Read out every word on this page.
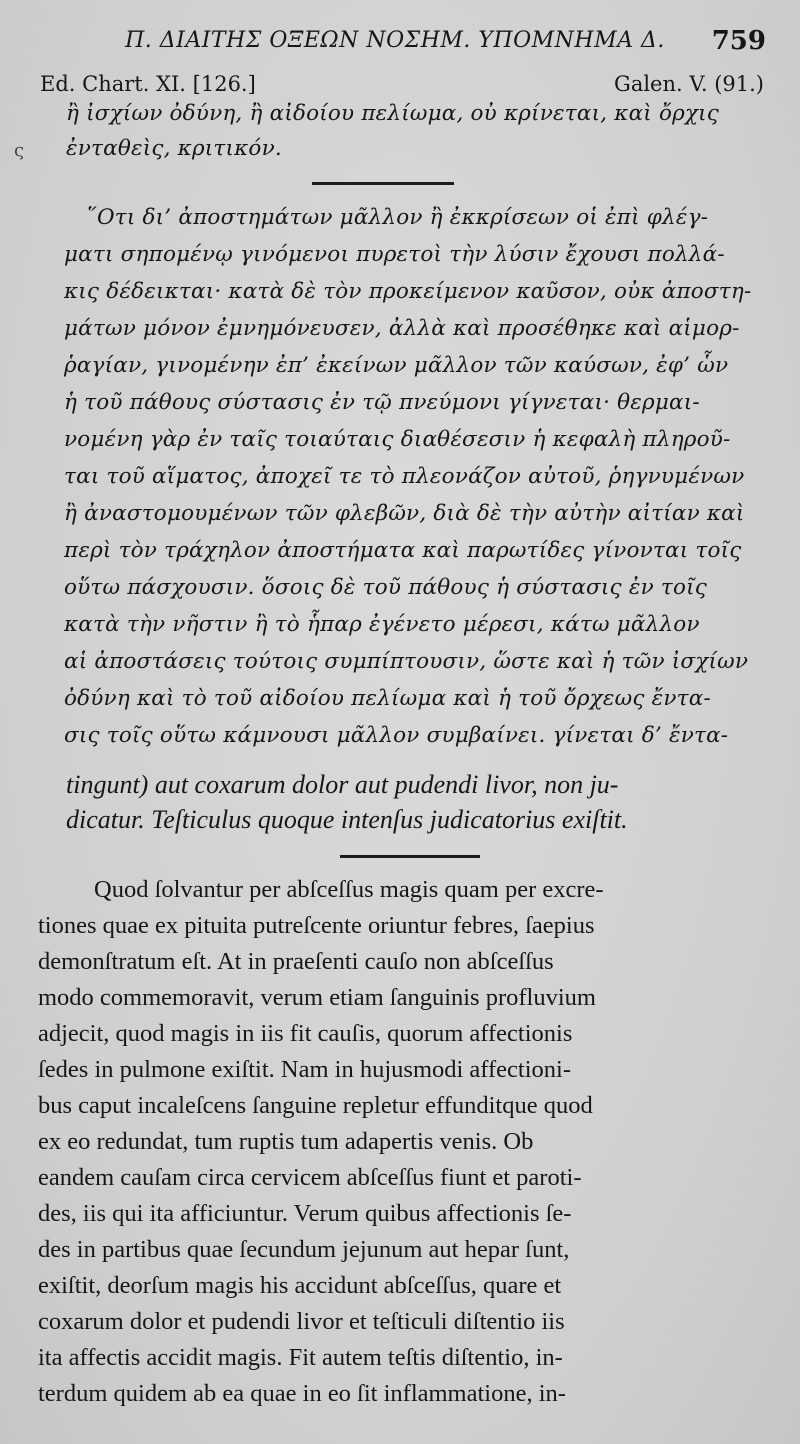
Π. ΔΙΑΙΤΗΣ ΟΞΕΩΝ ΝΟΣΗΜ. ΥΠΟΜΝΗΜΑ Δ.	759
Ed. Chart. XI. [126.]	Galen. V. (91.)
ς
ἢ ἰσχίων ὀδύνη, ἢ αἰδοίου πελίωμα, οὐ κρίνεται, καὶ ὄρχις
ἐνταθεὶς, κριτικόν.
῞Οτι δι’ ἀποστημάτων μᾶλλον ἢ ἐκκρίσεων οἱ ἐπὶ φλέγ-
ματι σηπομένῳ γινόμενοι πυρετοὶ τὴν λύσιν ἔχουσι πολλά-
κις δέδεικται· κατὰ δὲ τὸν προκείμενον καῦσον, οὐκ ἀποστη-
μάτων μόνον ἐμνημόνευσεν, ἀλλὰ καὶ προσέθηκε καὶ αἱμορ-
ῥαγίαν, γινομένην ἐπ’ ἐκείνων μᾶλλον τῶν καύσων, ἐφ’ ὧν
ἡ τοῦ πάθους σύστασις ἐν τῷ πνεύμονι γίγνεται· θερμαι-
νομένη γὰρ ἐν ταῖς τοιαύταις διαθέσεσιν ἡ κεφαλὴ πληροῦ-
ται τοῦ αἵματος, ἀποχεῖ τε τὸ πλεονάζον αὐτοῦ, ῥηγνυμένων
ἢ ἀναστομουμένων τῶν φλεβῶν, διὰ δὲ τὴν αὐτὴν αἰτίαν καὶ
περὶ τὸν τράχηλον ἀποστήματα καὶ παρωτίδες γίνονται τοῖς
οὕτω πάσχουσιν. ὅσοις δὲ τοῦ πάθους ἡ σύστασις ἐν τοῖς
κατὰ τὴν νῆστιν ἢ τὸ ἧπαρ ἐγένετο μέρεσι, κάτω μᾶλλον
αἱ ἀποστάσεις τούτοις συμπίπτουσιν, ὥστε καὶ ἡ τῶν ἰσχίων
ὀδύνη καὶ τὸ τοῦ αἰδοίου πελίωμα καὶ ἡ τοῦ ὄρχεως ἔντα-
σις τοῖς οὕτω κάμνουσι μᾶλλον συμβαίνει. γίνεται δ’ ἔντα-
tingunt) aut coxarum dolor aut pudendi livor, non ju-
dicatur. Teſticulus quoque intenſus judicatorius exiſtit.
Quod ſolvantur per abſceſſus magis quam per excre-
tiones quae ex pituita putreſcente oriuntur febres, ſaepius
demonſtratum eſt. At in praeſenti cauſo non abſceſſus
modo commemoravit, verum etiam ſanguinis profluvium
adjecit, quod magis in iis fit cauſis, quorum affectionis
ſedes in pulmone exiſtit. Nam in hujusmodi affectioni-
bus caput incaleſcens ſanguine repletur effunditque quod
ex eo redundat, tum ruptis tum adapertis venis. Ob
eandem cauſam circa cervicem abſceſſus fiunt et paroti-
des, iis qui ita afficiuntur. Verum quibus affectionis ſe-
des in partibus quae ſecundum jejunum aut hepar ſunt,
exiſtit, deorſum magis his accidunt abſceſſus, quare et
coxarum dolor et pudendi livor et teſticuli diſtentio iis
ita affectis accidit magis. Fit autem teſtis diſtentio, in-
terdum quidem ab ea quae in eo ſit inflammatione, in-
